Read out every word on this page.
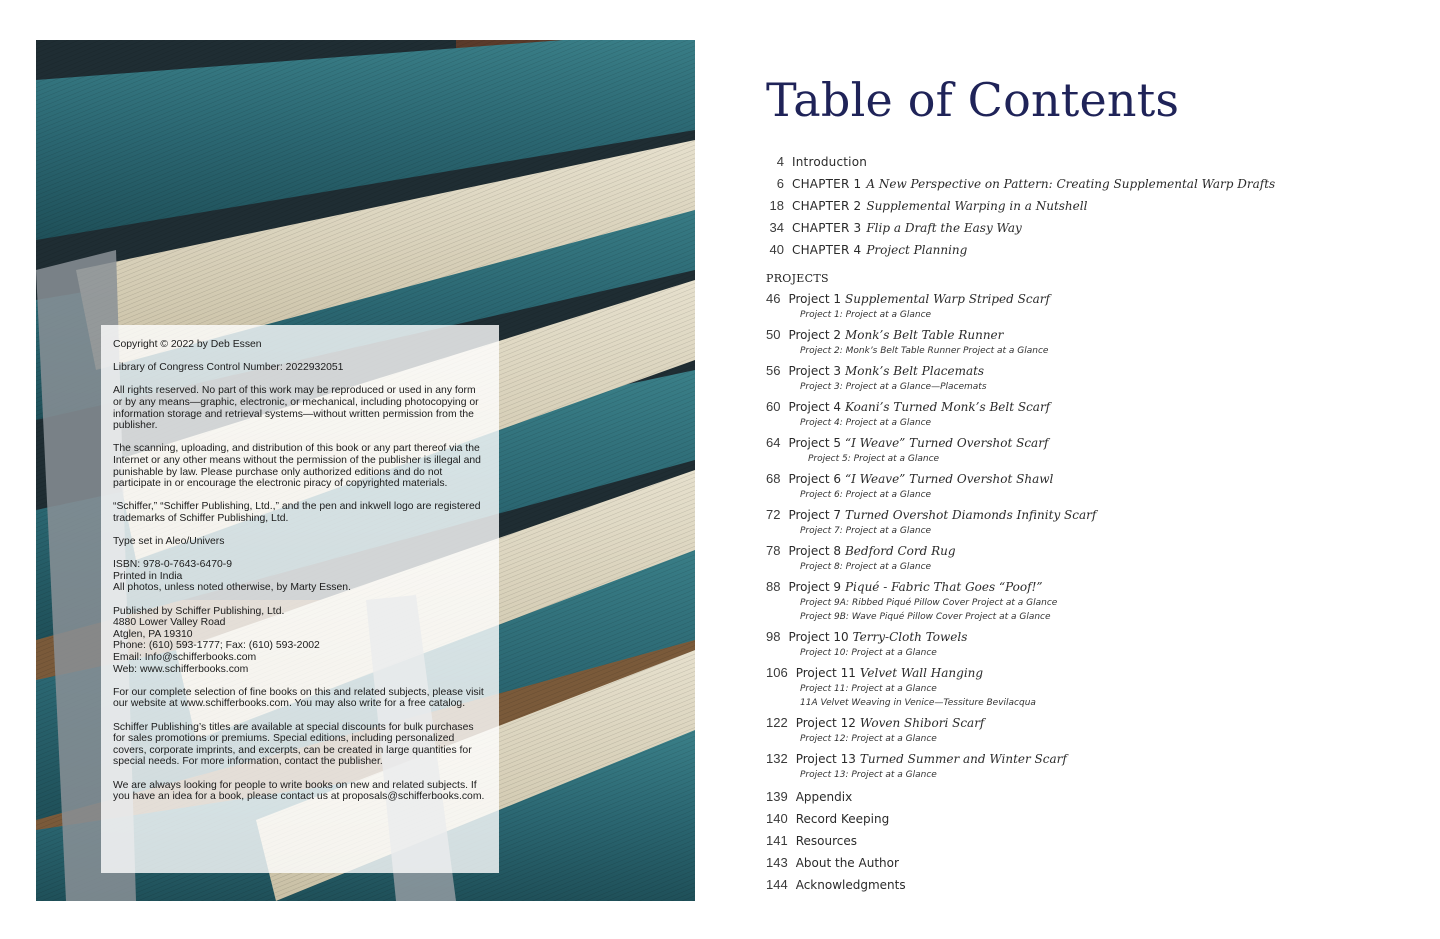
Copyright © 2022 by Deb Essen

Library of Congress Control Number: 2022932051

All rights reserved. No part of this work may be reproduced or used in any form or by any means—graphic, electronic, or mechanical, including photocopying or information storage and retrieval systems—without written permission from the publisher.

The scanning, uploading, and distribution of this book or any part thereof via the Internet or any other means without the permission of the publisher is illegal and punishable by law. Please purchase only authorized editions and do not participate in or encourage the electronic piracy of copyrighted materials.

“Schiffer,” “Schiffer Publishing, Ltd.,” and the pen and inkwell logo are registered trademarks of Schiffer Publishing, Ltd.

Type set in Aleo/Univers

ISBN: 978-0-7643-6470-9
Printed in India
All photos, unless noted otherwise, by Marty Essen.

Published by Schiffer Publishing, Ltd.
4880 Lower Valley Road
Atglen, PA 19310
Phone: (610) 593-1777; Fax: (610) 593-2002
Email: Info@schifferbooks.com
Web: www.schifferbooks.com

For our complete selection of fine books on this and related subjects, please visit our website at www.schifferbooks.com. You may also write for a free catalog.

Schiffer Publishing’s titles are available at special discounts for bulk purchases for sales promotions or premiums. Special editions, including personalized covers, corporate imprints, and excerpts, can be created in large quantities for special needs. For more information, contact the publisher.

We are always looking for people to write books on new and related subjects. If you have an idea for a book, please contact us at proposals@schifferbooks.com.

Table of Contents
4 Introduction
6 CHAPTER 1 A New Perspective on Pattern: Creating Supplemental Warp Drafts
18 CHAPTER 2 Supplemental Warping in a Nutshell
34 CHAPTER 3 Flip a Draft the Easy Way
40 CHAPTER 4 Project Planning
PROJECTS
46 Project 1 Supplemental Warp Striped Scarf
Project 1: Project at a Glance
50 Project 2 Monk’s Belt Table Runner
Project 2: Monk’s Belt Table Runner Project at a Glance
56 Project 3 Monk’s Belt Placemats
Project 3: Project at a Glance—Placemats
60 Project 4 Koani’s Turned Monk’s Belt Scarf
Project 4: Project at a Glance
64 Project 5 “I Weave” Turned Overshot Scarf
Project 5: Project at a Glance
68 Project 6 “I Weave” Turned Overshot Shawl
Project 6: Project at a Glance
72 Project 7 Turned Overshot Diamonds Infinity Scarf
Project 7: Project at a Glance
78 Project 8 Bedford Cord Rug
Project 8: Project at a Glance
88 Project 9 Piqué - Fabric That Goes “Poof!”
Project 9A: Ribbed Piqué Pillow Cover Project at a Glance
Project 9B: Wave Piqué Pillow Cover Project at a Glance
98 Project 10 Terry-Cloth Towels
Project 10: Project at a Glance
106 Project 11 Velvet Wall Hanging
Project 11: Project at a Glance
11A Velvet Weaving in Venice—Tessiture Bevilacqua
122 Project 12 Woven Shibori Scarf
Project 12: Project at a Glance
132 Project 13 Turned Summer and Winter Scarf
Project 13: Project at a Glance
139 Appendix
140 Record Keeping
141 Resources
143 About the Author
144 Acknowledgments
